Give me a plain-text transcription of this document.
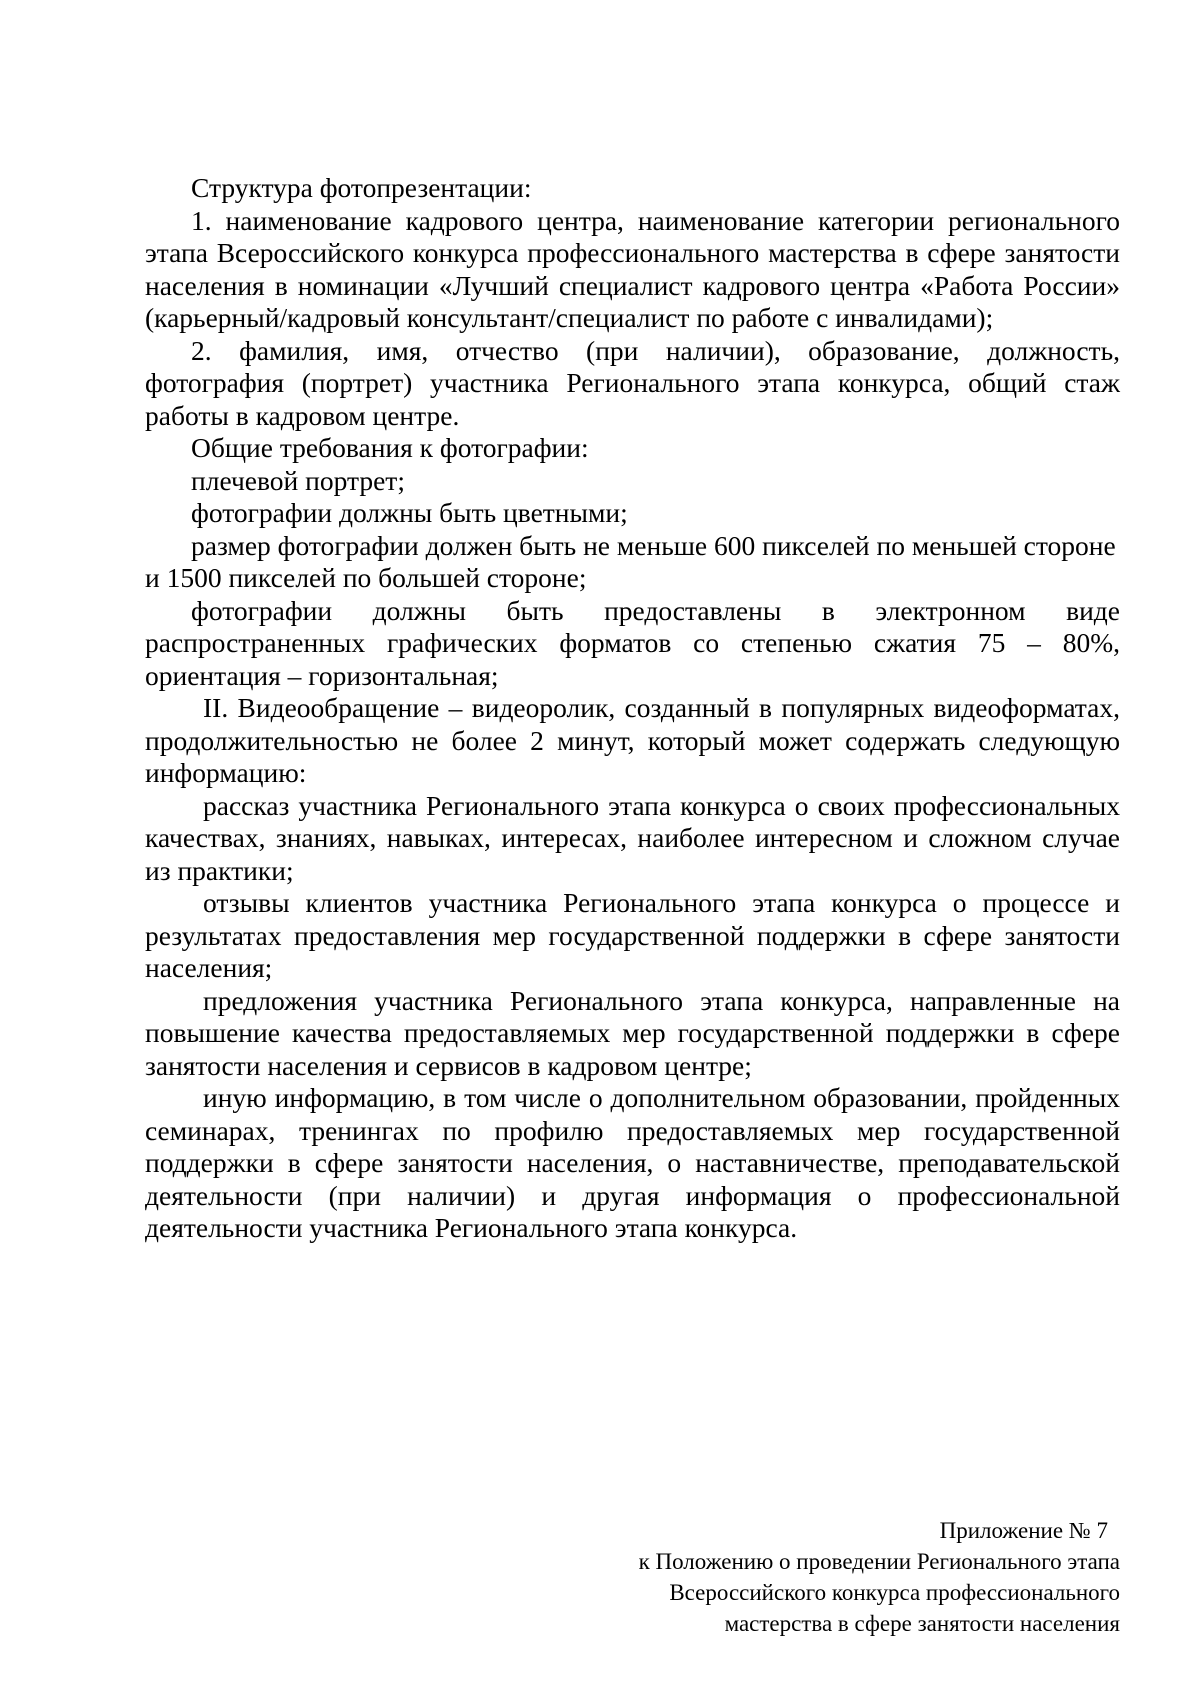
Структура фотопрезентации:

1. наименование кадрового центра, наименование категории регионального этапа Всероссийского конкурса профессионального мастерства в сфере занятости населения в номинации «Лучший специалист кадрового центра «Работа России» (карьерный/кадровый консультант/специалист по работе с инвалидами);

2. фамилия, имя, отчество (при наличии), образование, должность, фотография (портрет) участника Регионального этапа конкурса, общий стаж работы в кадровом центре.

Общие требования к фотографии:

плечевой портрет;

фотографии должны быть цветными;

размер фотографии должен быть не меньше 600 пикселей по меньшей стороне

и 1500 пикселей по большей стороне;

фотографии должны быть предоставлены в электронном виде распространенных графических форматов со степенью сжатия 75 – 80%, ориентация – горизонтальная;

II. Видеообращение – видеоролик, созданный в популярных видеоформатах, продолжительностью не более 2 минут, который может содержать следующую информацию:

рассказ участника Регионального этапа конкурса о своих профессиональных качествах, знаниях, навыках, интересах, наиболее интересном и сложном случае из практики;

отзывы клиентов участника Регионального этапа конкурса о процессе и результатах предоставления мер государственной поддержки в сфере занятости населения;

предложения участника Регионального этапа конкурса, направленные на повышение качества предоставляемых мер государственной поддержки в сфере занятости населения и сервисов в кадровом центре;

иную информацию, в том числе о дополнительном образовании, пройденных семинарах, тренингах по профилю предоставляемых мер государственной поддержки в сфере занятости населения, о наставничестве, преподавательской деятельности (при наличии) и другая информация о профессиональной деятельности участника Регионального этапа конкурса.

Приложение № 7

к Положению о проведении Регионального этапа

Всероссийского конкурса профессионального

мастерства в сфере занятости населения
